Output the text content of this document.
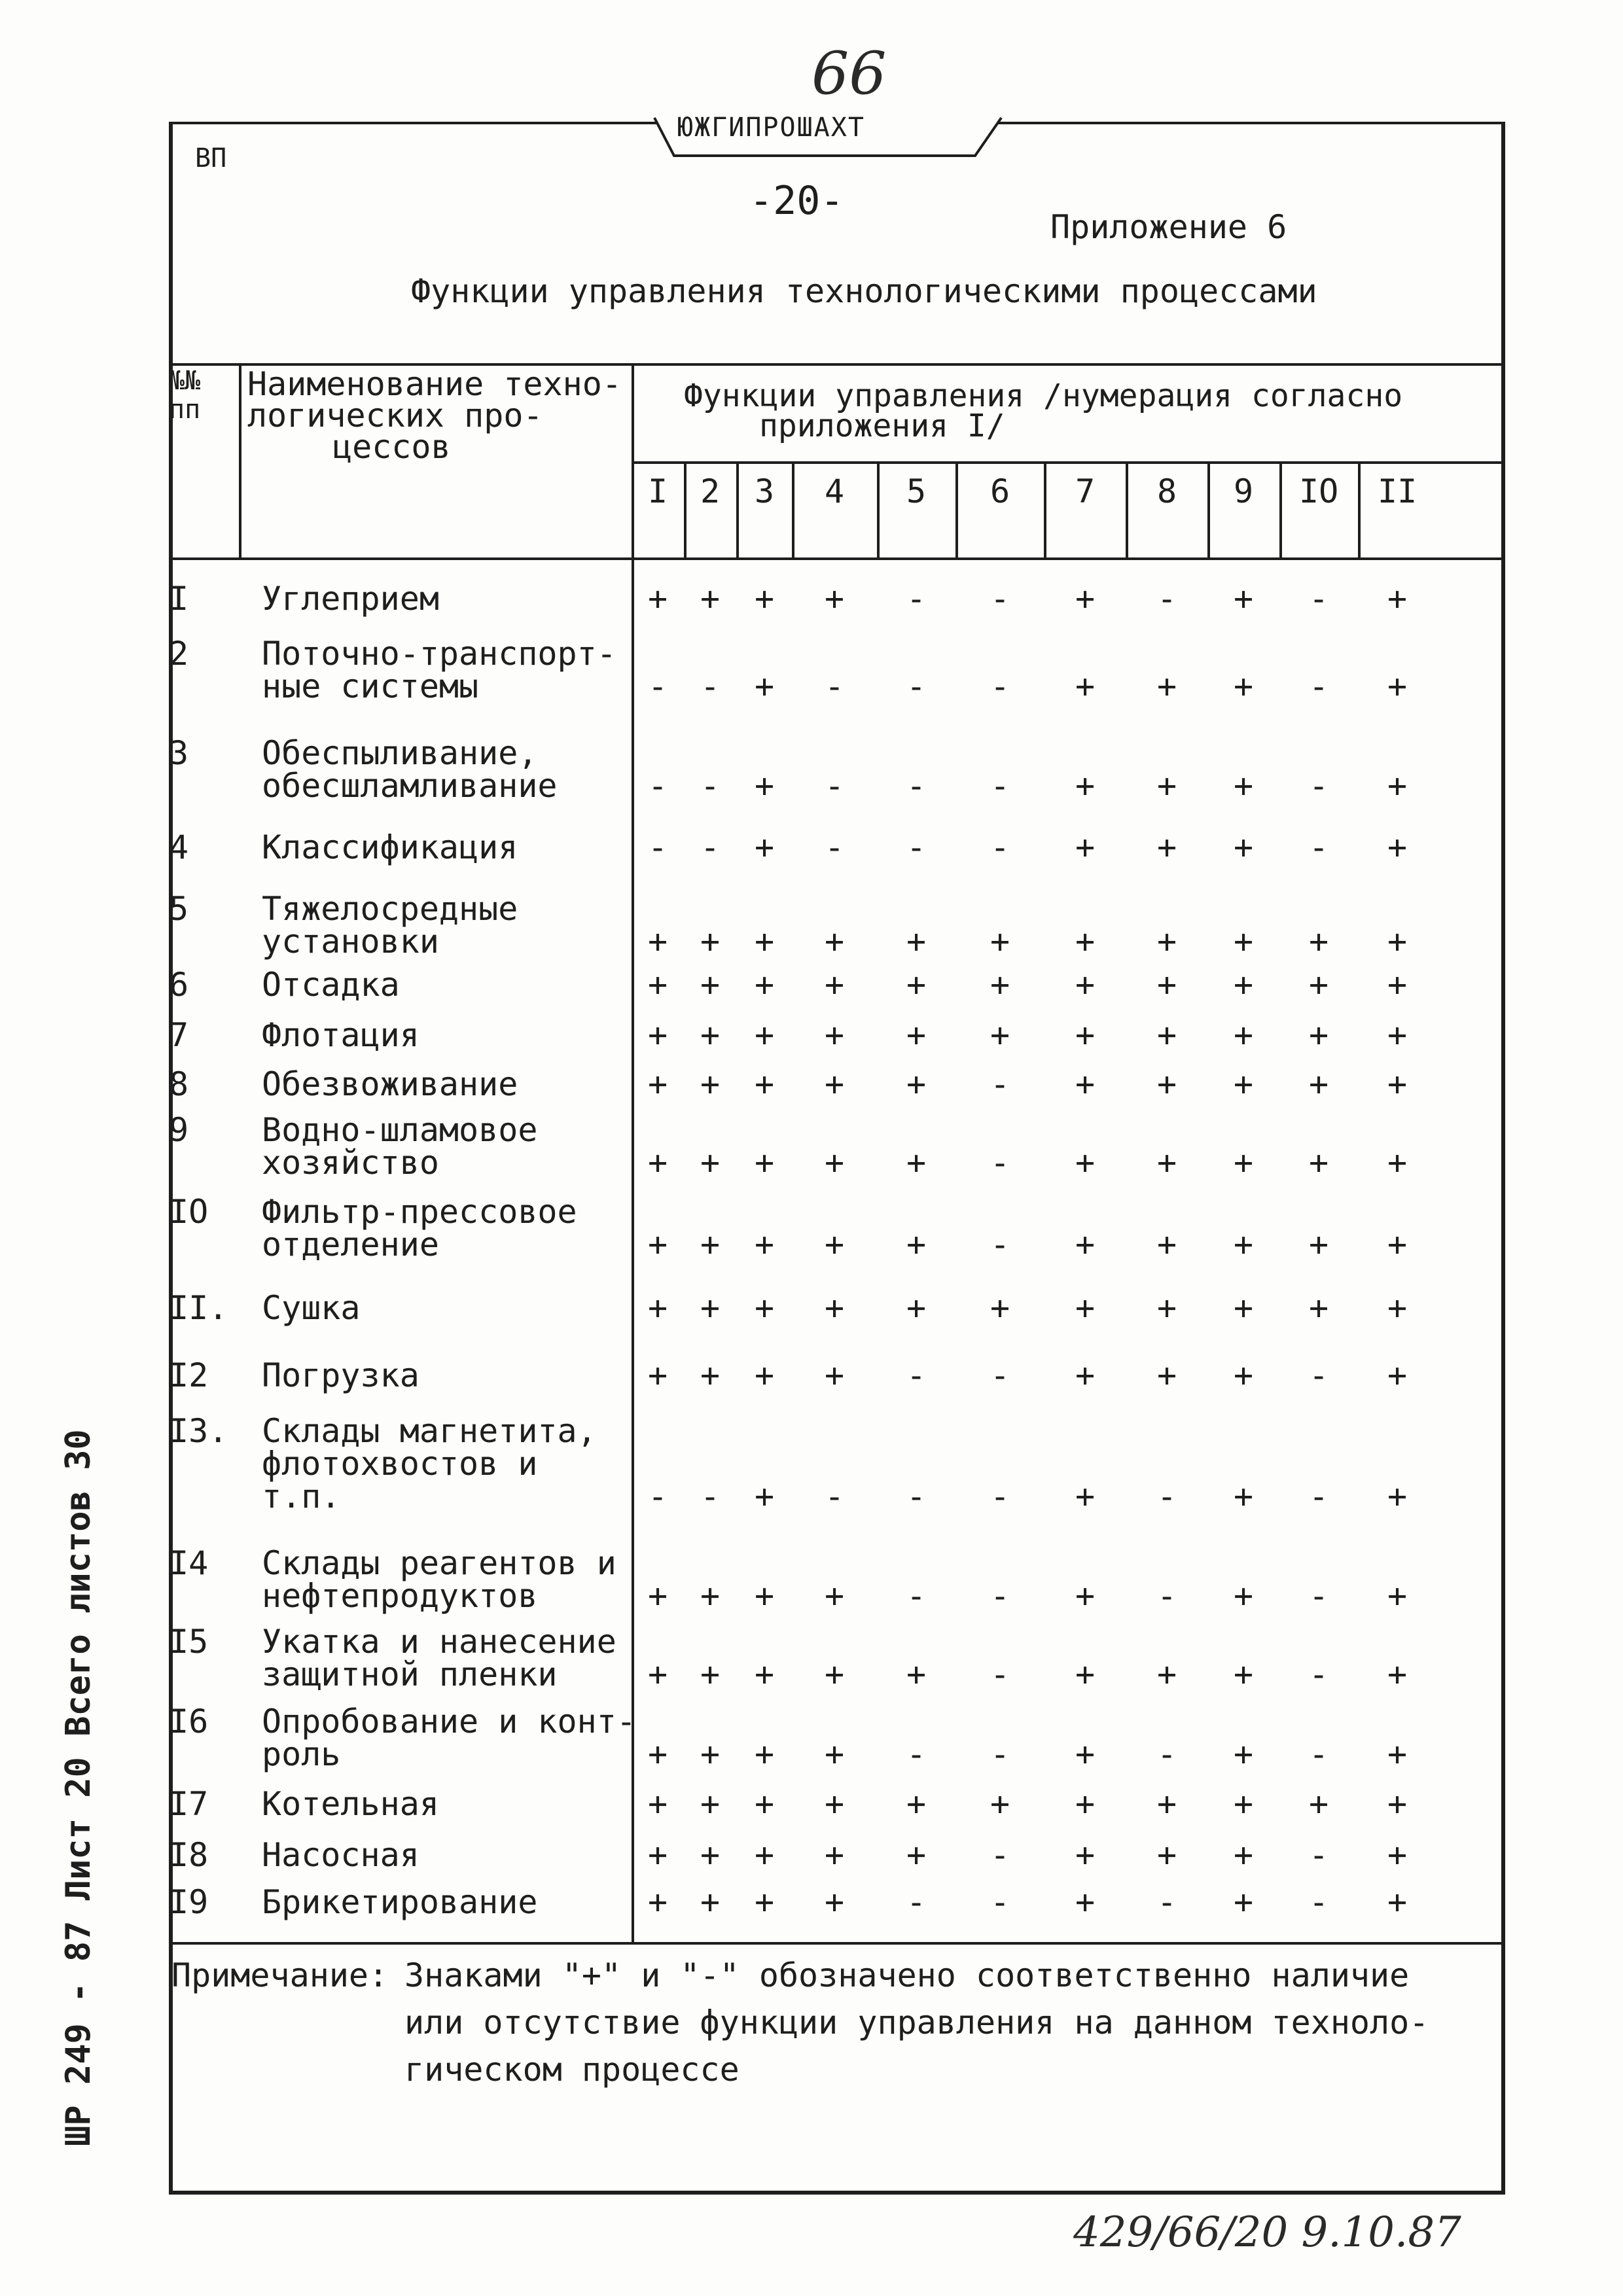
66
ЮЖГИПРОШАХТ
ВП
-20-
Приложение 6
Функции управления технологическими процессами
№№
пп
Наименование техно-
логических про-
цессов
Функции управления /нумерация согласно
приложения I/
I 2 3 4 5 6 7 8 9 IO II
I Углеприем	+ + + + - - + - + - +
2 Поточно-транспорт-
ные системы	- - + - - - + + + - +
3 Обеспыливание,
обесшламливание	- - + - - - + + + - +
4 Классификация	- - + - - - + + + - +
5 Тяжелосредные
установки	+ + + + + + + + + + +
6 Отсадка	+ + + + + + + + + + +
7 Флотация	+ + + + + + + + + + +
8 Обезвоживание	+ + + + + - + + + + +
9 Водно-шламовое
хозяйство	+ + + + + - + + + + +
IO Фильтр-прессовое
отделение	+ + + + + - + + + + +
II. Сушка	+ + + + + + + + + + +
I2 Погрузка	+ + + + - - + + + - +
I3. Склады магнетита,
флотохвостов и
т.п.	- - + - - - + - + - +
I4 Склады реагентов и
нефтепродуктов	+ + + + - - + - + - +
I5 Укатка и нанесение
защитной пленки	+ + + + + - + + + - +
I6 Опробование и конт-
роль	+ + + + - - + - + - +
I7 Котельная	+ + + + + + + + + + +
I8 Насосная	+ + + + + - + + + - +
I9 Брикетирование	+ + + + - - + - + - +
Примечание: Знаками "+" и "-" обозначено соответственно наличие
или отсутствие функции управления на данном техноло-
гическом процессе
ШР 249 - 87 Лист 20 Всего листов 30
429/66/20 9.10.87
